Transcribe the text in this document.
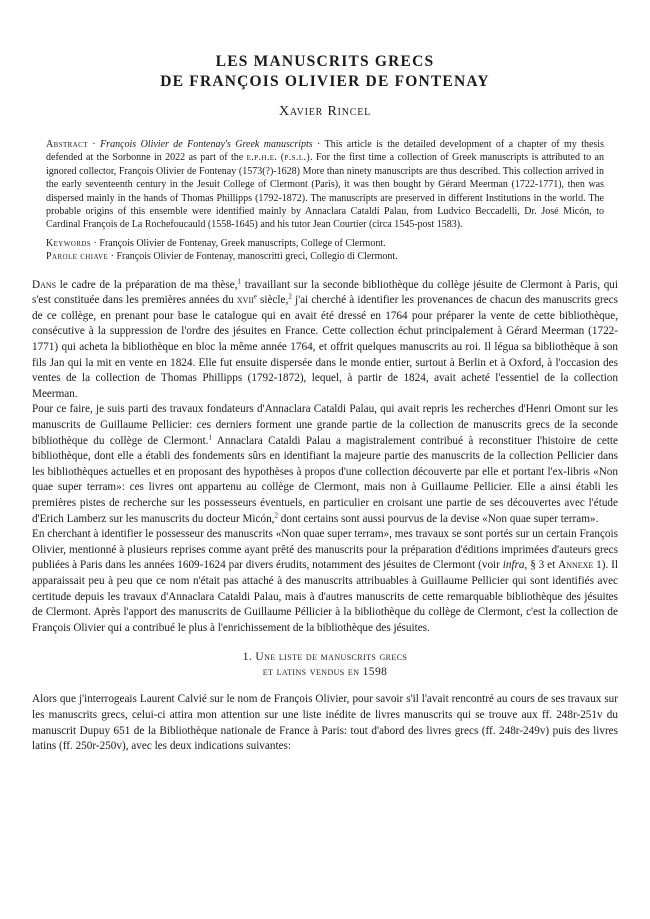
LES MANUSCRITS GRECS
DE FRANÇOIS OLIVIER DE FONTENAY
Xavier Rincel
Abstract · François Olivier de Fontenay's Greek manuscripts · This article is the detailed development of a chapter of my thesis defended at the Sorbonne in 2022 as part of the e.p.h.e. (p.s.l.). For the first time a collection of Greek manuscripts is attributed to an ignored collector, François Olivier de Fontenay (1573(?)-1628) More than ninety manuscripts are thus described. This collection arrived in the early seventeenth century in the Jesuit College of Clermont (Paris), it was then bought by Gérard Meerman (1722-1771), then was dispersed mainly in the hands of Thomas Phillipps (1792-1872). The manuscripts are preserved in different Institutions in the world. The probable origins of this ensemble were identified mainly by Annaclara Cataldi Palau, from Ludvico Beccadelli, Dr. José Micón, to Cardinal François de La Rochefoucauld (1558-1645) and his tutor Jean Courtier (circa 1545-post 1583).

Keywords · François Olivier de Fontenay, Greek manuscripts, College of Clermont.

Parole chiave · François Olivier de Fontenay, manoscritti greci, Collegio di Clermont.

Dans le cadre de la préparation de ma thèse,$^1$ travaillant sur la seconde bibliothèque du collège jésuite de Clermont à Paris, qui s'est constituée dans les premières années du xvii$^e$ siècle,$^2$ j'ai cherché à identifier les provenances de chacun des manuscrits grecs de ce collège, en prenant pour base le catalogue qui en avait été dressé en 1764 pour préparer la vente de cette bibliothèque, consécutive à la suppression de l'ordre des jésuites en France. Cette collection échut principalement à Gérard Meerman (1722-1771) qui acheta la bibliothèque en bloc la même année 1764, et offrit quelques manuscrits au roi. Il légua sa bibliothèque à son fils Jan qui la mit en vente en 1824. Elle fut ensuite dispersée dans le monde entier, surtout à Berlin et à Oxford, à l'occasion des ventes de la collection de Thomas Phillipps (1792-1872), lequel, à partir de 1824, avait acheté l'essentiel de la collection Meerman.

Pour ce faire, je suis parti des travaux fondateurs d'Annaclara Cataldi Palau, qui avait repris les recherches d'Henri Omont sur les manuscrits de Guillaume Pellicier: ces derniers forment une grande partie de la collection de manuscrits grecs de la seconde bibliothèque du collège de Clermont.$^1$ Annaclara Cataldi Palau a magistralement contribué à reconstituer l'histoire de cette bibliothèque, dont elle a établi des fondements sûrs en identifiant la majeure partie des manuscrits de la collection Pellicier dans les bibliothèques actuelles et en proposant des hypothèses à propos d'une collection découverte par elle et portant l'ex-libris «Non quae super terram»: ces livres ont appartenu au collège de Clermont, mais non à Guillaume Pellicier. Elle a ainsi établi les premières pistes de recherche sur les possesseurs éventuels, en particulier en croisant une partie de ses découvertes avec l'étude d'Erich Lamberz sur les manuscrits du docteur Micón,$^2$ dont certains sont aussi pourvus de la devise «Non quae super terram».

En cherchant à identifier le possesseur des manuscrits «Non quae super terram», mes travaux se sont portés sur un certain François Olivier, mentionné à plusieurs reprises comme ayant prêté des manuscrits pour la préparation d'éditions imprimées d'auteurs grecs publiées à Paris dans les années 1609-1624 par divers érudits, notamment des jésuites de Clermont (voir infra, § 3 et Annexe 1). Il apparaissait peu à peu que ce nom n'était pas attaché à des manuscrits attribuables à Guillaume Pellicier qui sont identifiés avec certitude depuis les travaux d'Annaclara Cataldi Palau, mais à d'autres manuscrits de cette remarquable bibliothèque des jésuites de Clermont. Après l'apport des manuscrits de Guillaume Péllicier à la bibliothèque du collège de Clermont, c'est la collection de François Olivier qui a contribué le plus à l'enrichissement de la bibliothèque des jésuites.

1. Une liste de manuscrits grecs
et latins vendus en 1598

Alors que j'interrogeais Laurent Calvié sur le nom de François Olivier, pour savoir s'il l'avait rencontré au cours de ses travaux sur les manuscrits grecs, celui-ci attira mon attention sur une liste inédite de livres manuscrits qui se trouve aux ff. 248r-251v du manuscrit Dupuy 651 de la Bibliothèque nationale de France à Paris: tout d'abord des livres grecs (ff. 248r-249v) puis des livres latins (ff. 250r-250v), avec les deux indications suivantes:
